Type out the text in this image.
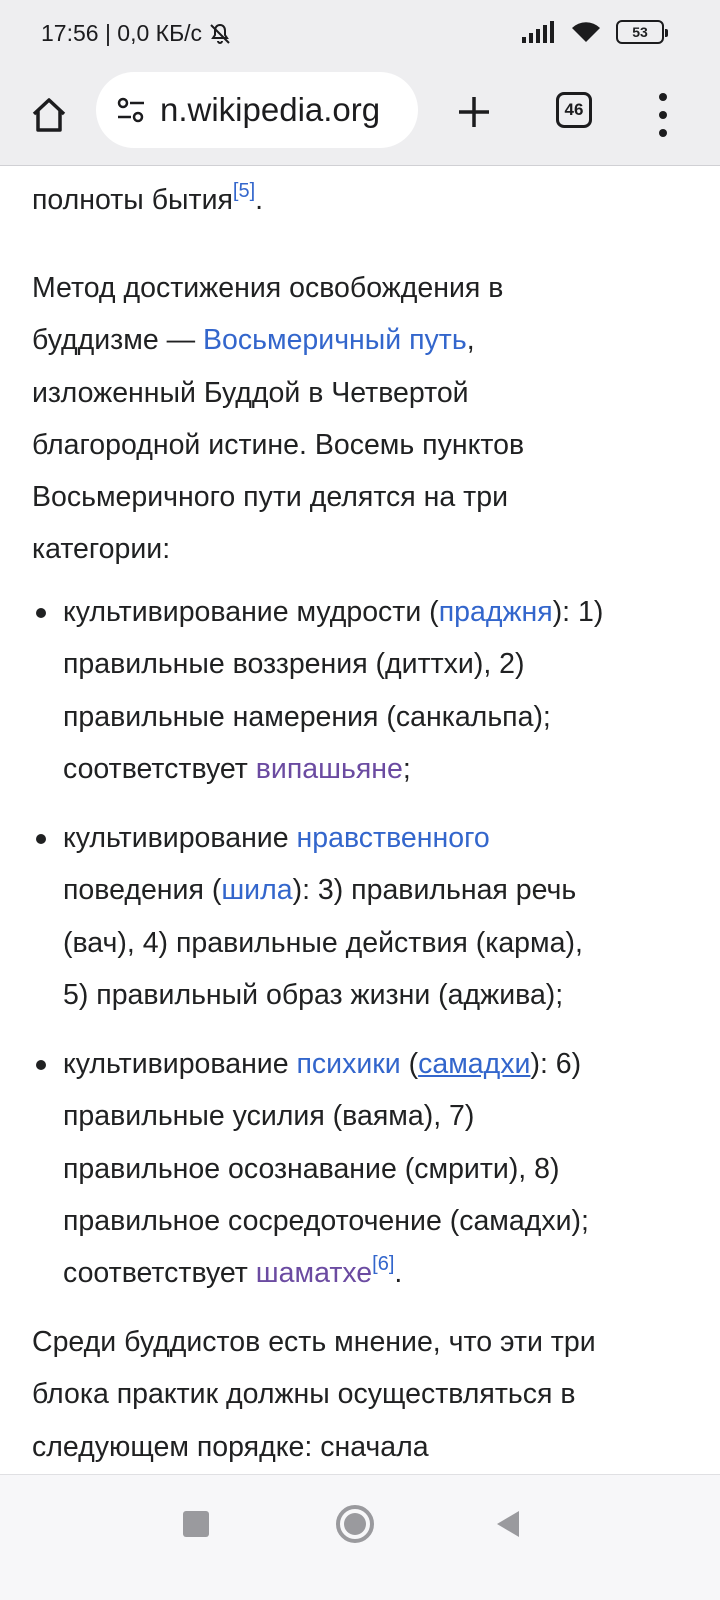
17:56 | 0,0 КБ/с	53
n.wikipedia.org	46
полноты бытия[5].
Метод достижения освобождения в
буддизме — Восьмеричный путь,
изложенный Буддой в Четвертой
благородной истине. Восемь пунктов
Восьмеричного пути делятся на три
категории:
культивирование мудрости (праджня): 1)
правильные воззрения (диттхи), 2)
правильные намерения (санкальпа);
соответствует випашьяне;
культивирование нравственного
поведения (шила): 3) правильная речь
(вач), 4) правильные действия (карма),
5) правильный образ жизни (аджива);
культивирование психики (самадхи): 6)
правильные усилия (ваяма), 7)
правильное осознавание (смрити), 8)
правильное сосредоточение (самадхи);
соответствует шаматхе[6].
Среди буддистов есть мнение, что эти три
блока практик должны осуществляться в
следующем порядке: сначала
